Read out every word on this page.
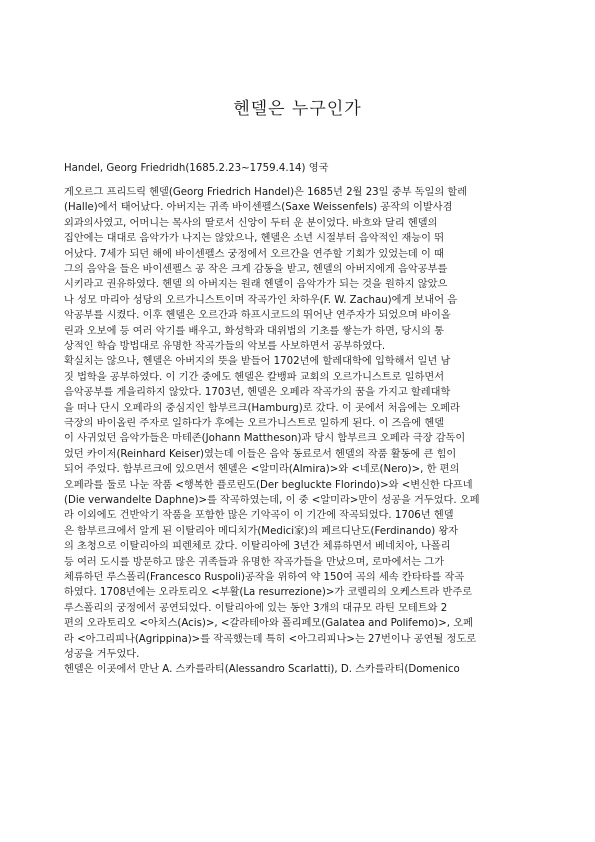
헨델은 누구인가
Handel, Georg Friedridh(1685.2.23~1759.4.14) 영국
게오르그 프리드릭 헨델(Georg Friedrich Handel)은 1685년 2월 23일 중부 독일의 할레
(Halle)에서 태어났다. 아버지는 귀족 바이센펠스(Saxe Weissenfels) 공작의 이발사겸
외과의사였고, 어머니는 목사의 딸로서 신앙이 두터 운 분이었다. 바흐와 달리 헨델의
집안에는 대대로 음악가가 나지는 않았으나, 헨델은 소년 시절부터 음악적인 재능이 뛰
어났다. 7세가 되던 해에 바이센펠스 궁정에서 오르간을 연주할 기회가 있었는데 이 때
그의 음악을 들은 바이센펠스 공 작은 크게 감동을 받고, 헨델의 아버지에게 음악공부를
시키라고 권유하였다. 헨델 의 아버지는 원래 헨델이 음악가가 되는 것을 원하지 않았으
나 성모 마리아 성당의 오르가니스트이며 작곡가인 차하우(F. W. Zachau)에게 보내어 음
악공부를 시켰다. 이후 헨델은 오르간과 하프시코드의 뛰어난 연주자가 되었으며 바이올
린과 오보에 등 여러 악기를 배우고, 화성학과 대위법의 기초를 쌓는가 하면, 당시의 통
상적인 학습 방법대로 유명한 작곡가들의 악보를 사보하면서 공부하였다.
확실치는 않으나, 헨델은 아버지의 뜻을 받들어 1702년에 할레대학에 입학해서 일년 남
짓 법학을 공부하였다. 이 기간 중에도 헨델은 칼뱅파 교회의 오르가니스트로 일하면서
음악공부를 게을리하지 않았다. 1703년, 헨델은 오페라 작곡가의 꿈을 가지고 할레대학
을 떠나 단시 오페라의 중심지인 함부르크(Hamburg)로 갔다. 이 곳에서 처음에는 오페라
극장의 바이올린 주자로 일하다가 후에는 오르가니스트로 일하게 된다. 이 즈음에 헨델
이 사귀었던 음악가들은 마테존(Johann Mattheson)과 당시 함부르크 오페라 극장 감독이
었던 카이저(Reinhard Keiser)였는데 이들은 음악 동료로서 헨델의 작품 활동에 큰 힘이
되어 주었다. 함부르크에 있으면서 헨델은 <알미라(Almira)>와 <네로(Nero)>, 한 편의
오페라를 둘로 나눈 작품 <행복한 플로린도(Der begluckte Florindo)>와 <변신한 다프네
(Die verwandelte Daphne)>를 작곡하였는데, 이 중 <알미라>만이 성공을 거두었다. 오페
라 이외에도 건반악기 작품을 포함한 많은 기악곡이 이 기간에 작곡되었다. 1706년 헨델
은 함부르크에서 알게 된 이탈리아 메디치가(Medici家)의 페르디난도(Ferdinando) 왕자
의 초청으로 이탈리아의 피렌체로 갔다. 이탈리아에 3년간 체류하면서 베네치아, 나폴리
등 여러 도시를 방문하고 많은 귀족들과 유명한 작곡가들을 만났으며, 로마에서는 그가
체류하던 루스폴리(Francesco Ruspoli)공작을 위하여 약 150여 곡의 세속 칸타타를 작곡
하였다. 1708년에는 오라토리오 <부활(La resurrezione)>가 코렐리의 오케스트라 반주로
루스폴리의 궁정에서 공연되었다. 이탈리아에 있는 동안 3개의 대규모 라틴 모테트와 2
편의 오라토리오 <아치스(Acis)>, <갈라테아와 폴리페모(Galatea and Polifemo)>, 오페
라 <아그리피나(Agrippina)>를 작곡했는데 특히 <아그리피나>는 27번이나 공연될 정도로
성공을 거두었다.
헨델은 이곳에서 만난 A. 스카를라티(Alessandro Scarlatti), D. 스카를라티(Domenico
